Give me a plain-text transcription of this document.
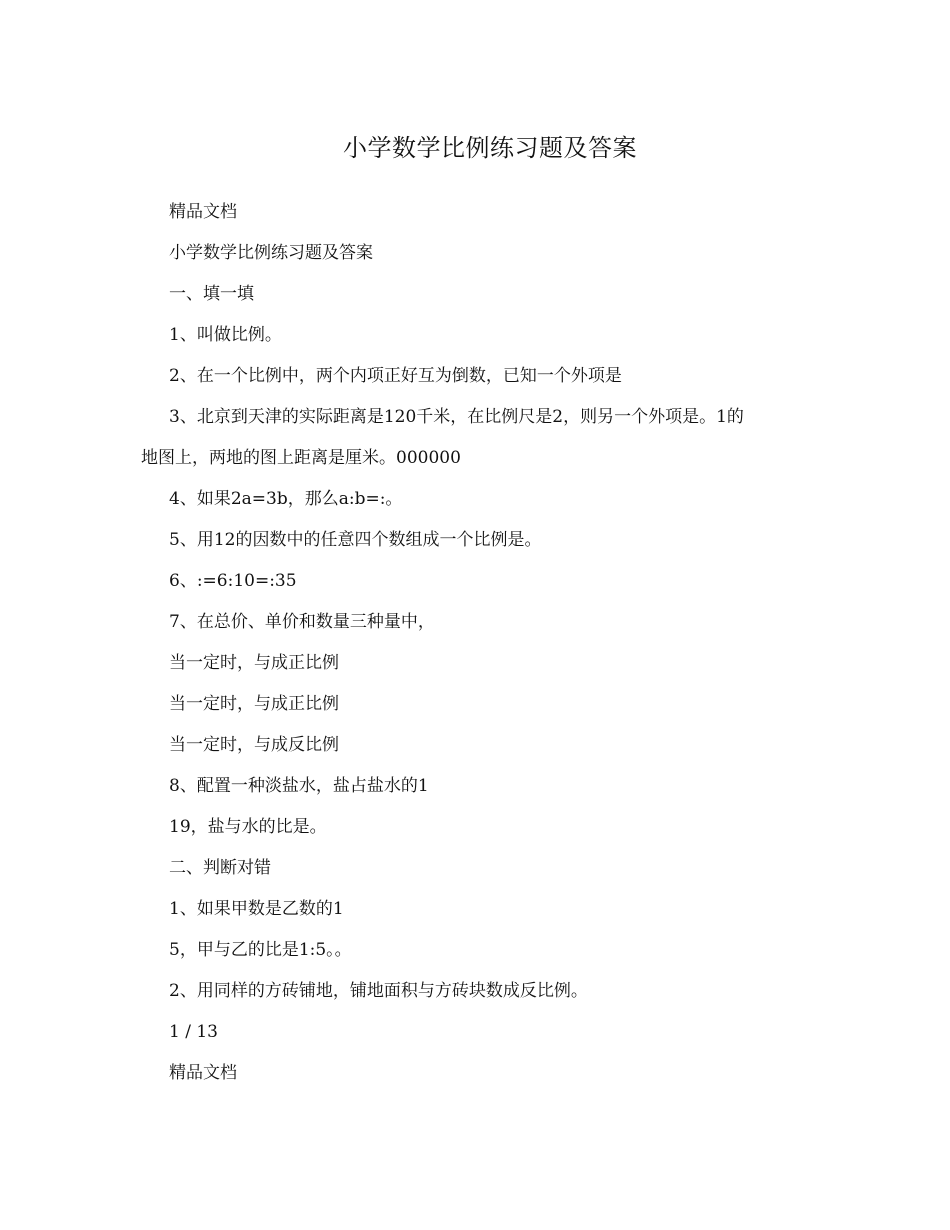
小学数学比例练习题及答案
精品文档
小学数学比例练习题及答案
一、填一填
1、叫做比例。
2、在一个比例中，两个内项正好互为倒数，已知一个外项是
3、北京到天津的实际距离是120千米，在比例尺是2，则另一个外项是。1的
地图上，两地的图上距离是厘米。000000
4、如果2a=3b，那么a:b=:。
5、用12的因数中的任意四个数组成一个比例是。
6、:=6:10=:35
7、在总价、单价和数量三种量中，
当一定时，与成正比例
当一定时，与成正比例
当一定时，与成反比例
8、配置一种淡盐水，盐占盐水的1
19，盐与水的比是。
二、判断对错
1、如果甲数是乙数的1
5，甲与乙的比是1:5。。
2、用同样的方砖铺地，铺地面积与方砖块数成反比例。
1 / 13
精品文档
